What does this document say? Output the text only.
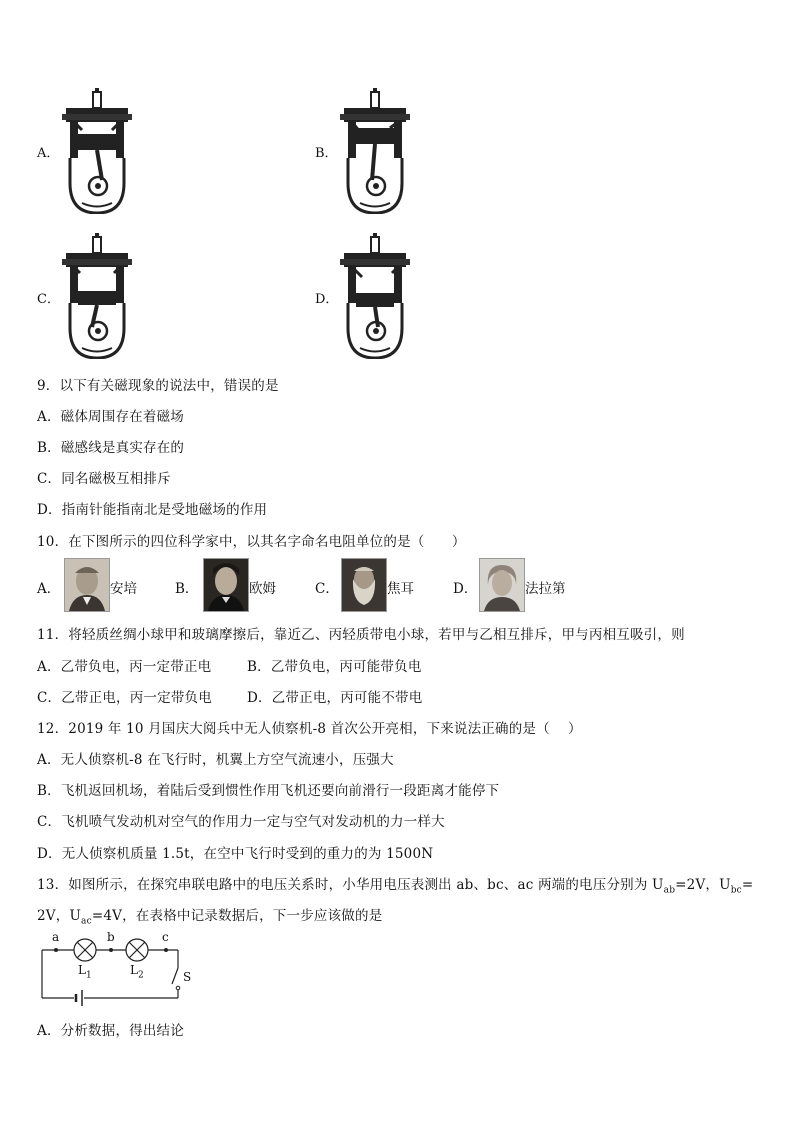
A．	B．
C．	D．
9．以下有关磁现象的说法中，错误的是
A．磁体周围存在着磁场
B．磁感线是真实存在的
C．同名磁极互相排斥
D．指南针能指南北是受地磁场的作用
10．在下图所示的四位科学家中，以其名字命名电阻单位的是（　　）
A．	安培	B．	欧姆	C．	焦耳	D．	法拉第
11．将轻质丝绸小球甲和玻璃摩擦后，靠近乙、丙轻质带电小球，若甲与乙相互排斥，甲与丙相互吸引，则
A．乙带负电，丙一定带正电	B．乙带负电，丙可能带负电
C．乙带正电，丙一定带负电	D．乙带正电，丙可能不带电
12．2019 年 10 月国庆大阅兵中无人侦察机-8 首次公开亮相，下来说法正确的是（　 ）
A．无人侦察机-8 在飞行时，机翼上方空气流速小，压强大
B．飞机返回机场，着陆后受到惯性作用飞机还要向前滑行一段距离才能停下
C．飞机喷气发动机对空气的作用力一定与空气对发动机的力一样大
D．无人侦察机质量 1.5t，在空中飞行时受到的重力的为 1500N
13．如图所示，在探究串联电路中的电压关系时，小华用电压表测出 ab、bc、ac 两端的电压分别为 $U_{ab}=2V$，$U_{bc}=$
2V，$U_{ac}=4V$，在表格中记录数据后，下一步应该做的是
a	b	c
$L_1$	$L_2$	S
A．分析数据，得出结论
